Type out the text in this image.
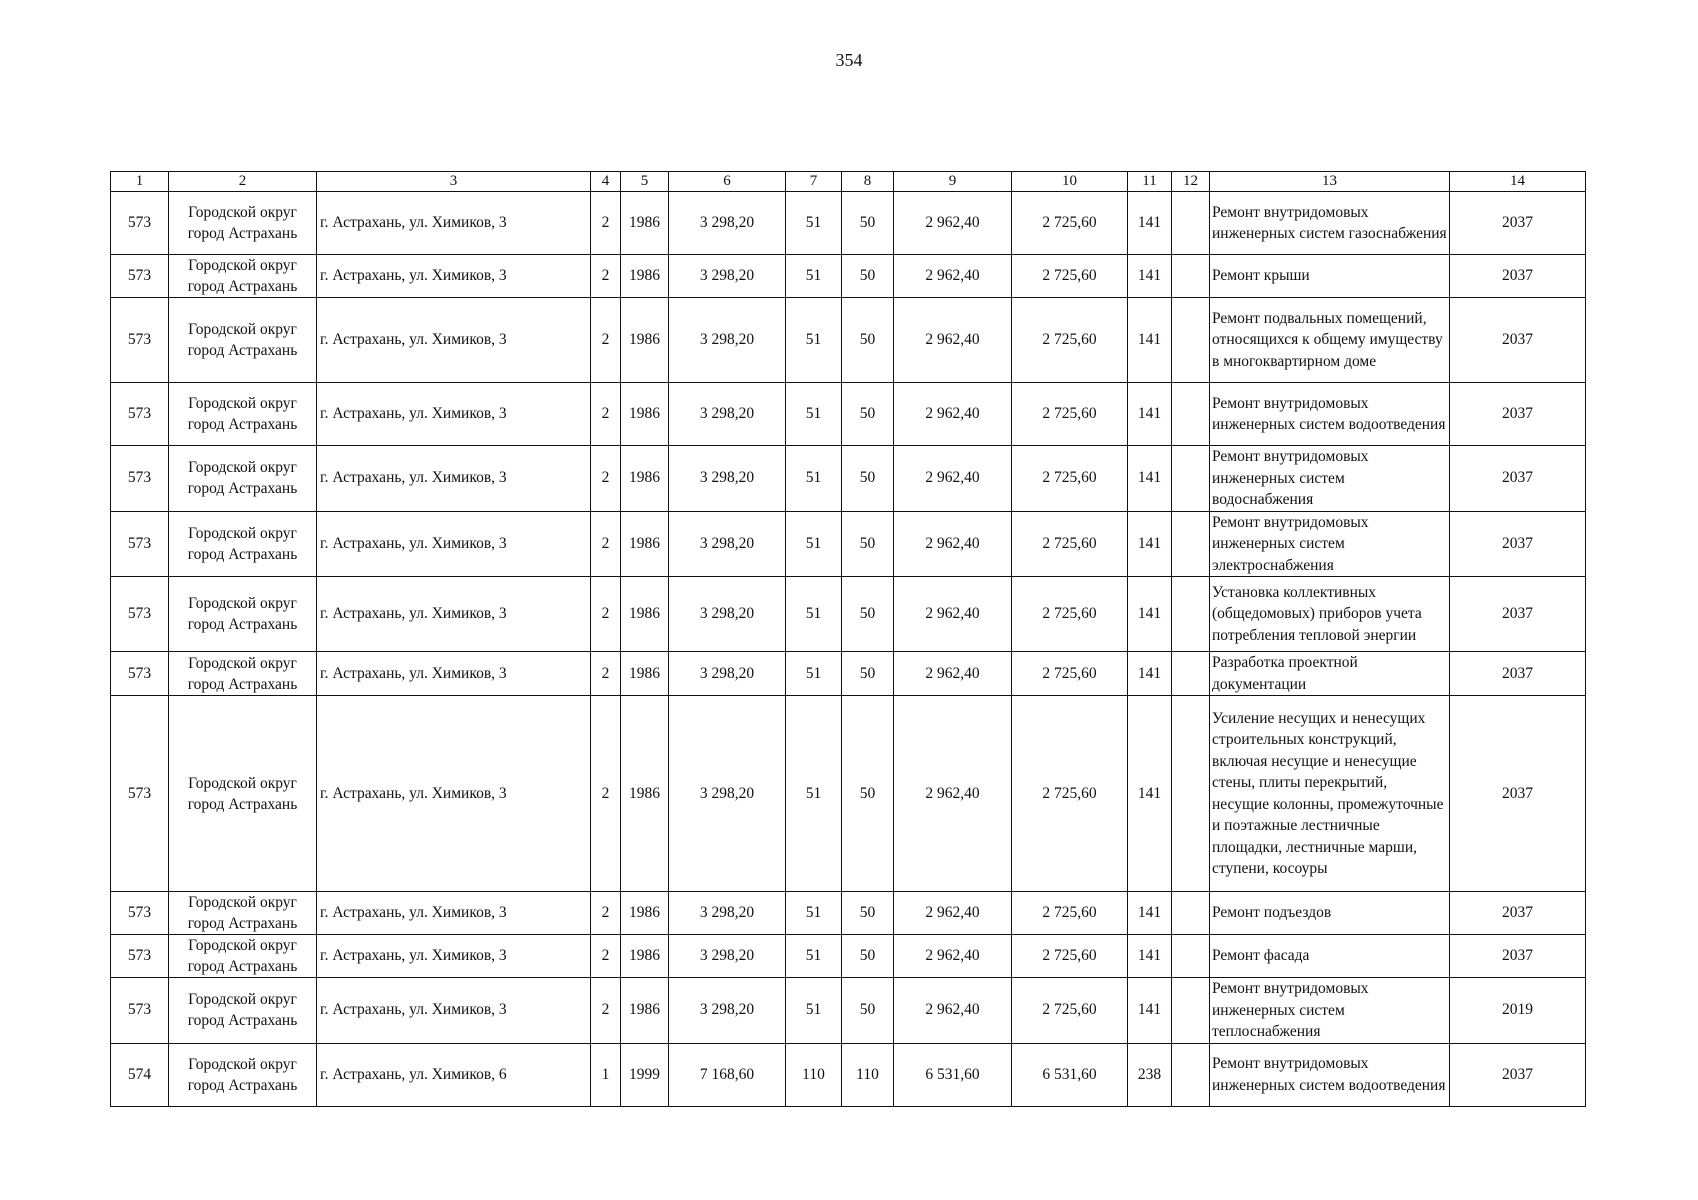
354
1	2	3	4	5	6	7	8	9	10	11	12	13	14
573	Городской округ город Астрахань	г. Астрахань, ул. Химиков, 3	2	1986	3 298,20	51	50	2 962,40	2 725,60	141		Ремонт внутридомовых инженерных систем газоснабжения	2037
573	Городской округ город Астрахань	г. Астрахань, ул. Химиков, 3	2	1986	3 298,20	51	50	2 962,40	2 725,60	141		Ремонт крыши	2037
573	Городской округ город Астрахань	г. Астрахань, ул. Химиков, 3	2	1986	3 298,20	51	50	2 962,40	2 725,60	141		Ремонт подвальных помещений, относящихся к общему имуществу в многоквартирном доме	2037
573	Городской округ город Астрахань	г. Астрахань, ул. Химиков, 3	2	1986	3 298,20	51	50	2 962,40	2 725,60	141		Ремонт внутридомовых инженерных систем водоотведения	2037
573	Городской округ город Астрахань	г. Астрахань, ул. Химиков, 3	2	1986	3 298,20	51	50	2 962,40	2 725,60	141		Ремонт внутридомовых инженерных систем водоснабжения	2037
573	Городской округ город Астрахань	г. Астрахань, ул. Химиков, 3	2	1986	3 298,20	51	50	2 962,40	2 725,60	141		Ремонт внутридомовых инженерных систем электроснабжения	2037
573	Городской округ город Астрахань	г. Астрахань, ул. Химиков, 3	2	1986	3 298,20	51	50	2 962,40	2 725,60	141		Установка коллективных (общедомовых) приборов учета потребления тепловой энергии	2037
573	Городской округ город Астрахань	г. Астрахань, ул. Химиков, 3	2	1986	3 298,20	51	50	2 962,40	2 725,60	141		Разработка проектной документации	2037
573	Городской округ город Астрахань	г. Астрахань, ул. Химиков, 3	2	1986	3 298,20	51	50	2 962,40	2 725,60	141		Усиление несущих и ненесущих строительных конструкций, включая несущие и ненесущие стены, плиты перекрытий, несущие колонны, промежуточные и поэтажные лестничные площадки, лестничные марши, ступени, косоуры	2037
573	Городской округ город Астрахань	г. Астрахань, ул. Химиков, 3	2	1986	3 298,20	51	50	2 962,40	2 725,60	141		Ремонт подъездов	2037
573	Городской округ город Астрахань	г. Астрахань, ул. Химиков, 3	2	1986	3 298,20	51	50	2 962,40	2 725,60	141		Ремонт фасада	2037
573	Городской округ город Астрахань	г. Астрахань, ул. Химиков, 3	2	1986	3 298,20	51	50	2 962,40	2 725,60	141		Ремонт внутридомовых инженерных систем теплоснабжения	2019
574	Городской округ город Астрахань	г. Астрахань, ул. Химиков, 6	1	1999	7 168,60	110	110	6 531,60	6 531,60	238		Ремонт внутридомовых инженерных систем водоотведения	2037
